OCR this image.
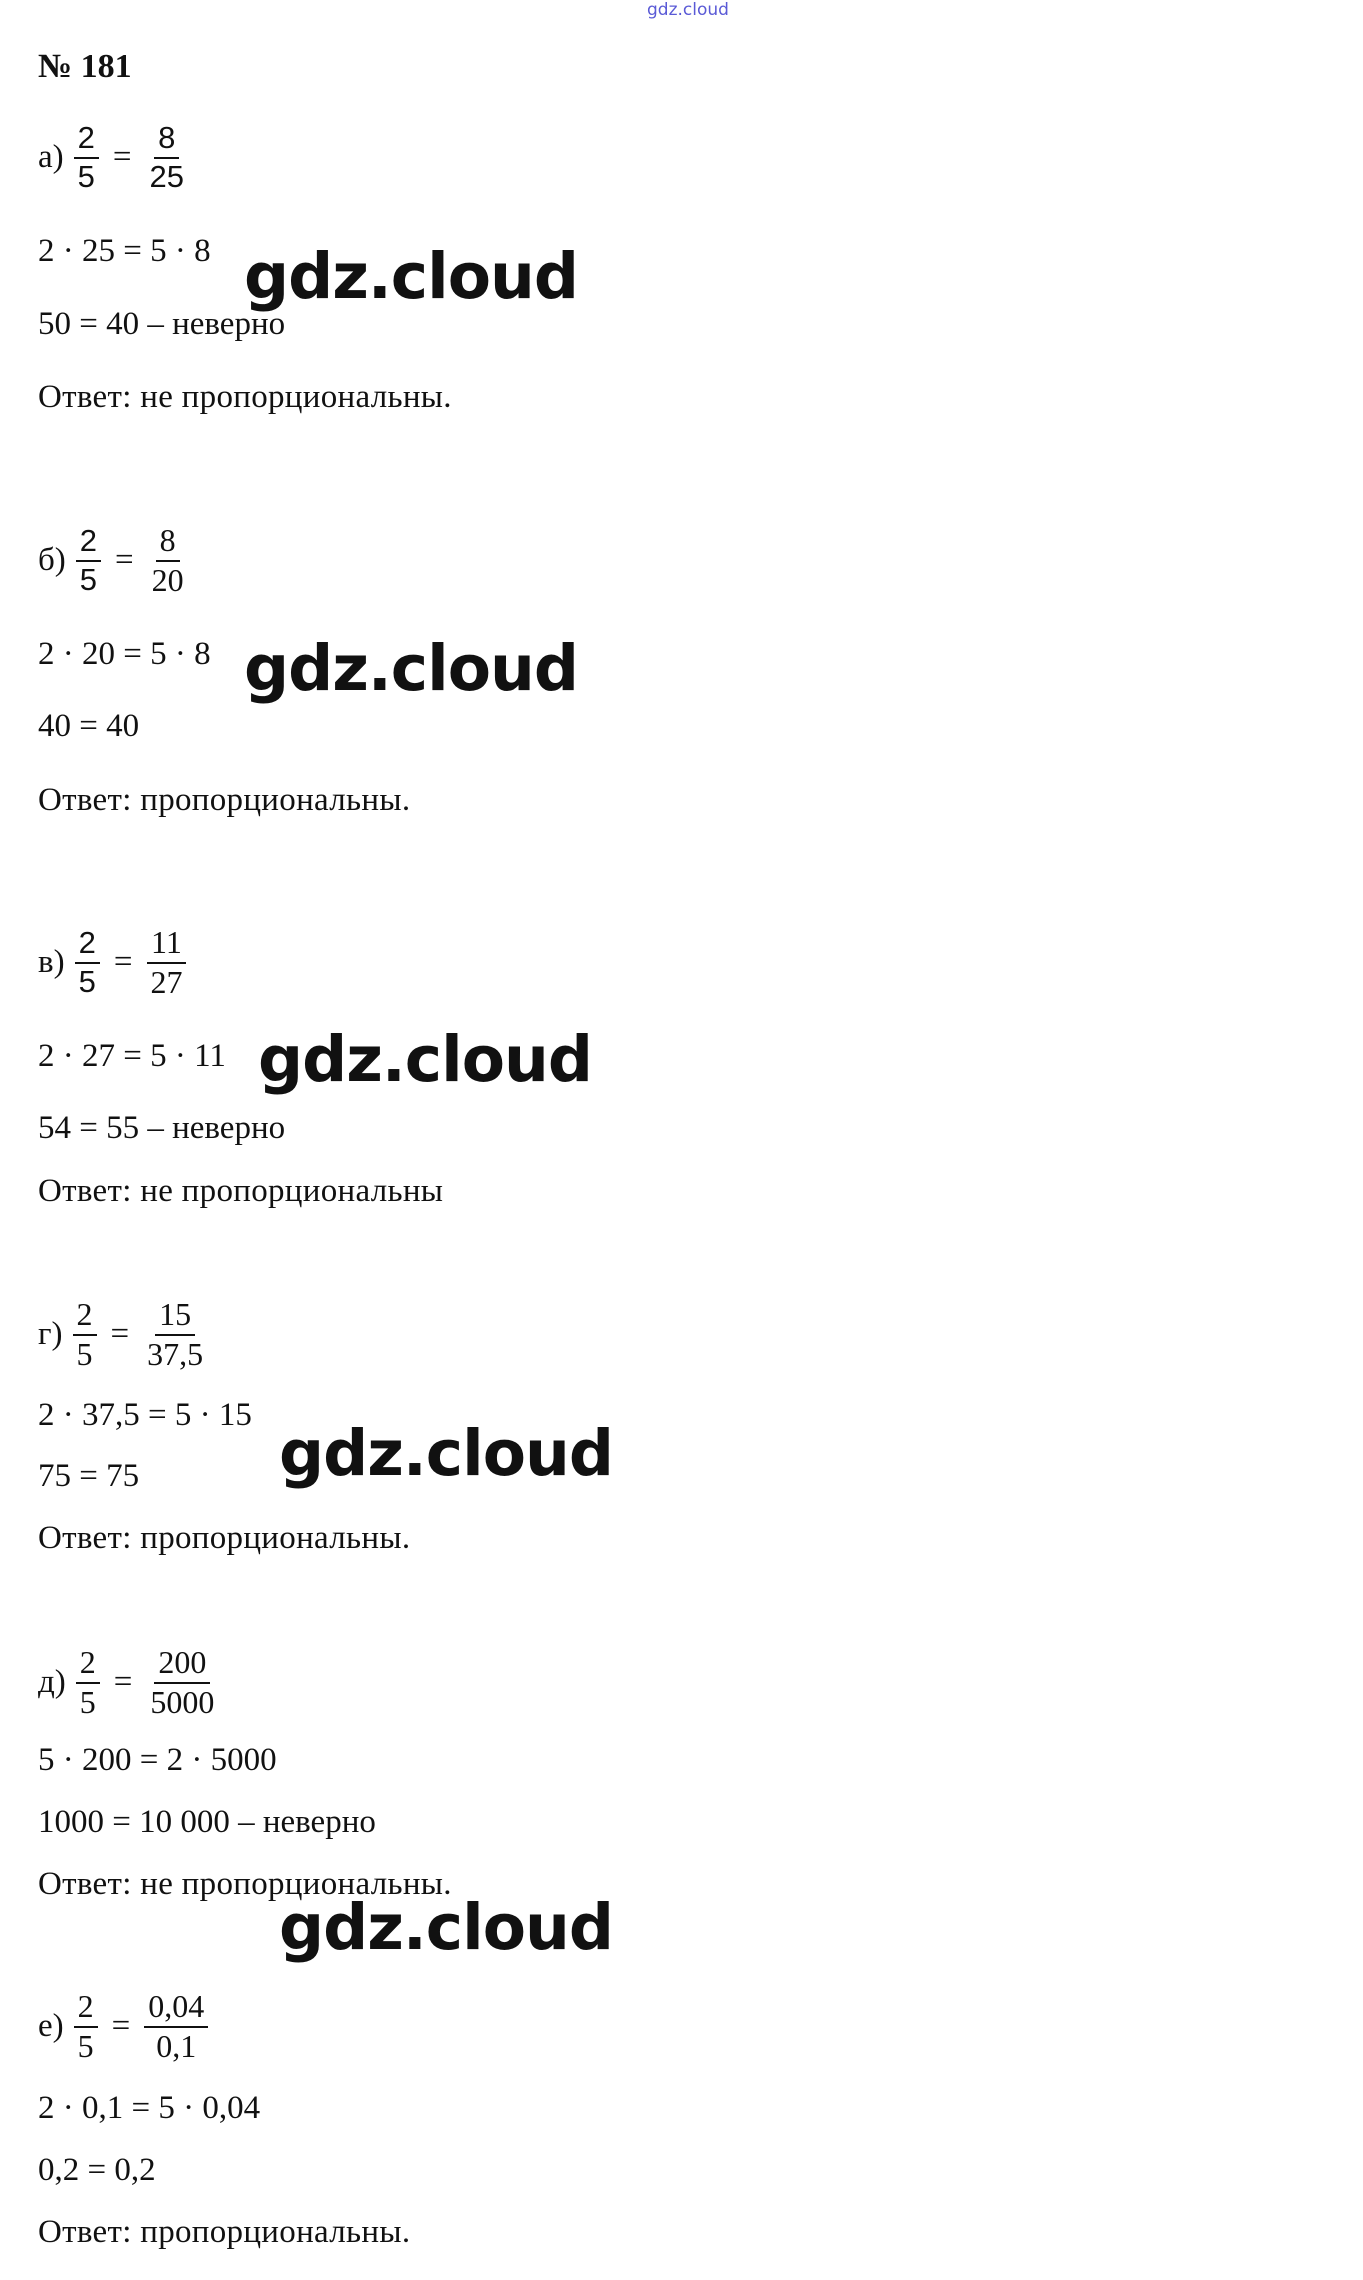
gdz.cloud
№ 181
$а) \frac{2}{5} = \frac{8}{25}$
2 · 25 = 5 · 8
50 = 40 – неверно
Ответ: не пропорциональны.
gdz.cloud
$б) \frac{2}{5} = \frac{8}{20}$
2 · 20 = 5 · 8
40 = 40
Ответ: пропорциональны.
gdz.cloud
$в) \frac{2}{5} = \frac{11}{27}$
2 · 27 = 5 · 11
54 = 55 – неверно
Ответ: не пропорциональны
gdz.cloud
$г) \frac{2}{5} = \frac{15}{37,5}$
2 · 37,5 = 5 · 15
75 = 75
Ответ: пропорциональны.
gdz.cloud
$д) \frac{2}{5} = \frac{200}{5000}$
5 · 200 = 2 · 5000
1000 = 10 000 – неверно
Ответ: не пропорциональны.
gdz.cloud
$е) \frac{2}{5} = \frac{0,04}{0,1}$
2 · 0,1 = 5 · 0,04
0,2 = 0,2
Ответ: пропорциональны.
